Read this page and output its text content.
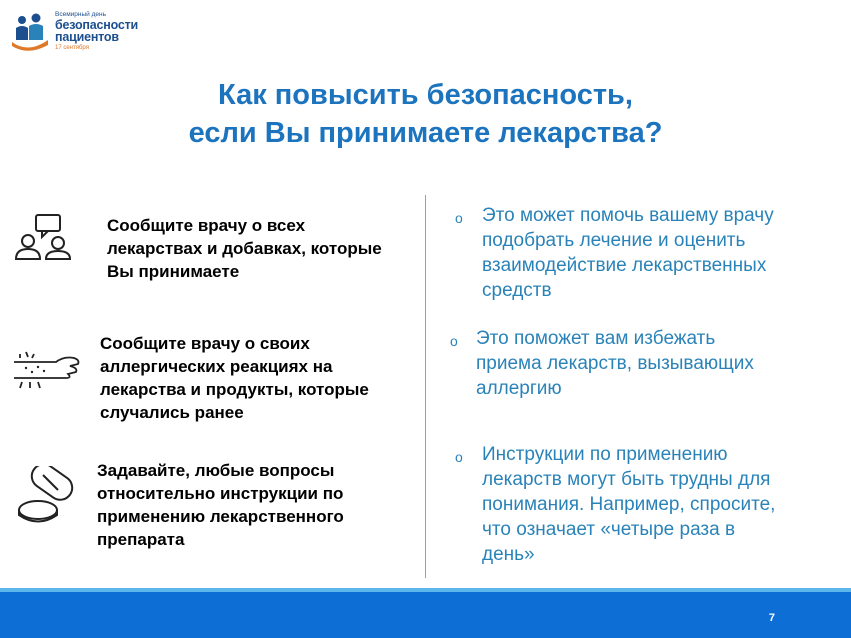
Всемирный день
безопасности
пациентов
17 сентября
Как повысить безопасность,
если Вы принимаете лекарства?
Сообщите врачу о всех
лекарствах и добавках, которые
Вы принимаете
o Это может помочь вашему врачу
подобрать лечение и оценить
взаимодействие лекарственных
средств
Сообщите врачу о своих
аллергических реакциях на
лекарства и продукты, которые
случались ранее
o Это поможет вам избежать
приема лекарств, вызывающих
аллергию
Задавайте, любые вопросы
относительно инструкции по
применению лекарственного
препарата
o Инструкции по применению
лекарств могут быть трудны для
понимания. Например, спросите,
что означает «четыре раза в
день»
7
